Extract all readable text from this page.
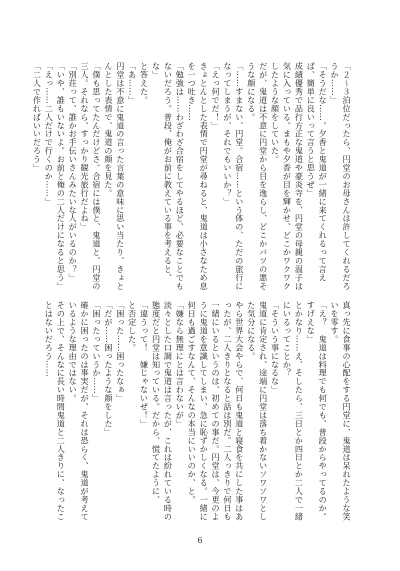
「２～３泊位だったら、円堂のお母さんは許してくれるだろうか……」
「そうだな……。夕香と鬼道が一緒に来てくれるって言えば、簡単に良いって言うと思うぜ」
成績優秀で品行方正な鬼道や豪炎寺を、円堂の母親の温子は気に入っている。まもや夕香が目を輝かせ、どこかワクワクしたような顔をしていた。
だが、鬼道は不意に円堂から目を逸らし、どこかバツの悪そうな顔になる。
「……すまない、円堂。合宿……という体の、ただの旅行になってしまうが、それでもいいか？」
「えっ何でだ！」
きょとんとした表情で円堂が尋ねると、鬼道は小さなため息を一つ吐き……
「勉強は……わざわざ合宿をしてやるほど、必要なことでもないだろう。普段、俺がお前に教えている事を考えると、な」
と答えた。
「あ……」
円堂は不意に鬼道の言った言葉の意味に思い当たり、きょとんとした表情で、鬼道の顔を見た。
「僕も思ってたんだけどさ。合宿には僕と、鬼道と、円堂の三人。それなら、すっかり観光旅行だよね」
「別荘って、誰かお手伝いさんみたいな人がいるのか？」
「いや、誰もいないよ。お前と俺の二人だけになると思う」
「えっ……二人だけで行くのか……」
「二人で作ればいいだろう」
真っ先に食事の心配をする円堂に、鬼道は呆れたような笑いを零す。
「え？　鬼道は料理でも何でも、普段からやってるのか。すげえな」
とかなり……え、そしたら、三日とか四日とか二人で一緒にいるってことか？
「そういう事になるな」
鬼道に肯定され、途端に円堂は落ち着かないソワソワとした気分になる。
やら世界大会やらで、何日も鬼道と寝食を共にした事はあったが、二人きりとなると話は別だ。二人っきりで何日も一緒にいるというのは、初めての事だ。円堂は、今更のように鬼道を意識してしまい、急に恥ずかしくなる。一緒に何日も過ごすなんて、そんなの本当にいいのか、と。
「嫌なら無理にとは言わないが」
淡々とした口調で鬼道は言ったが、これは紛れている時の態度だと円堂は知っている。だから、慌てたように、
「違うって！　嫌じゃないぜ！」
と否定した。
「困った……困ったなぁ」
「だが……困ったような顔をした」
「困ったっていうか……」
確かに困ったのは事実だが、それは恐らく、鬼道が考えているような理由ではない。
その上で、そんなに長い時間鬼道と二人きりに、なったことはないだろう……
6
